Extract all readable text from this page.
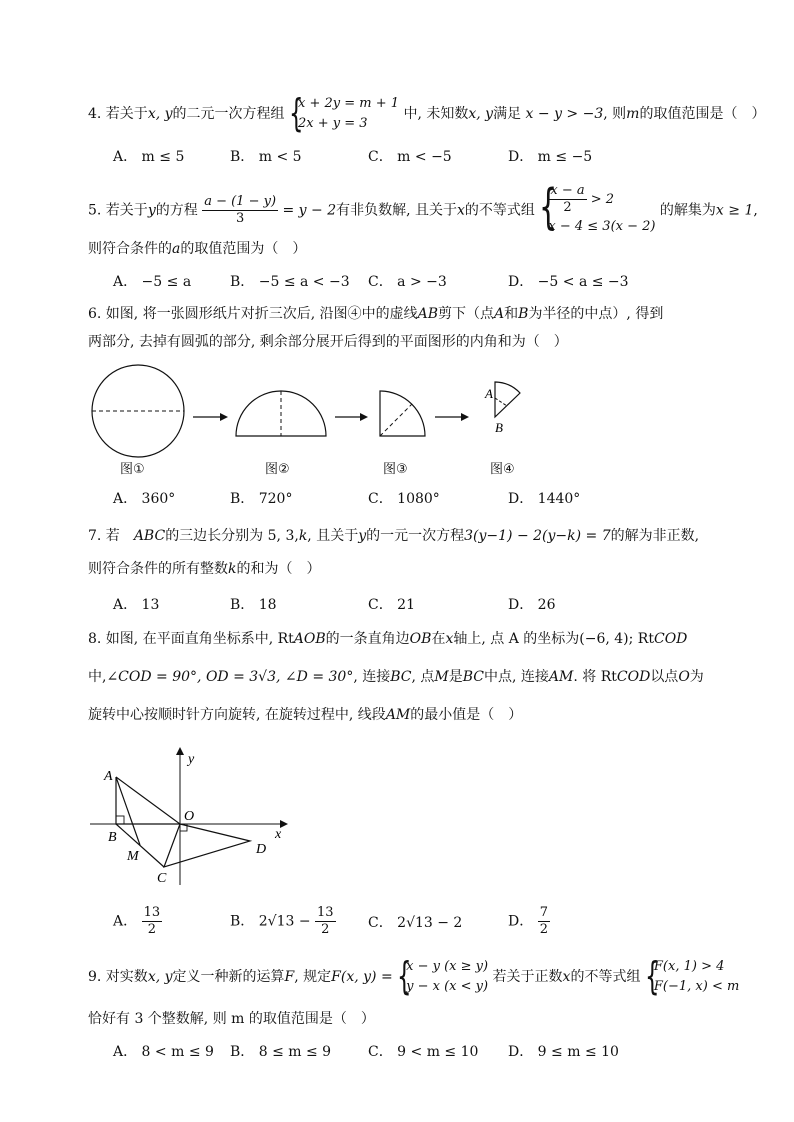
4. 若关于x, y的二元一次方程组 {
x + 2y = m + 1
2x + y = 3
中, 未知数x, y满足 x − y > −3, 则m的取值范围是（　）
A． m ≤ 5	B． m < 5	C． m < −5	D． m ≤ −5
5. 若关于y的方程 $\frac{a - (1 - y)}{3} = y - 2$有非负数解, 且关于x的不等式组 {
$\frac{x - a}{2} > 2$
x − 4 ≤ 3(x − 2)
的解集为x ≥ 1,
则符合条件的a的取值范围为（　）
A． −5 ≤ a	B． −5 ≤ a < −3 C． a > −3	D． −5 < a ≤ −3
6. 如图, 将一张圆形纸片对折三次后, 沿图④中的虚线AB剪下（点A和B为半径的中点）, 得到
两部分, 去掉有圆弧的部分, 剩余部分展开后得到的平面图形的内角和为（　）
A
B
图①	图②	图③	图④
A． 360°	B． 720°	C． 1080°	D． 1440°
7. 若　ABC的三边长分别为 5, 3,k, 且关于y的一元一次方程3(y−1) − 2(y−k) = 7的解为非正数,
则符合条件的所有整数k的和为（　）
A． 13	B． 18	C． 21	D． 26
8. 如图, 在平面直角坐标系中, RtAOB的一条直角边OB在x轴上, 点 A 的坐标为(−6, 4); RtCOD
中,∠COD = 90°, OD = 3√3, ∠D = 30°, 连接BC, 点M是BC中点, 连接AM. 将 RtCOD以点O为
旋转中心按顺时针方向旋转, 在旋转过程中, 线段AM的最小值是（　）
y
x
A
O
B
M
C
D
A． $\frac{13}{2}$	B． $2√13 - \frac{13}{2}$ C． 2√13 − 2	D． $\frac{7}{2}$
9. 对实数x, y定义一种新的运算F, 规定F(x, y) = {
x − y (x ≥ y)
y − x (x < y)
若关于正数x的不等式组 {
F(x, 1) > 4
F(−1, x) < m
恰好有 3 个整数解, 则 m 的取值范围是（　）
A． 8 < m ≤ 9 B． 8 ≤ m ≤ 9	C． 9 < m ≤ 10 D． 9 ≤ m ≤ 10
